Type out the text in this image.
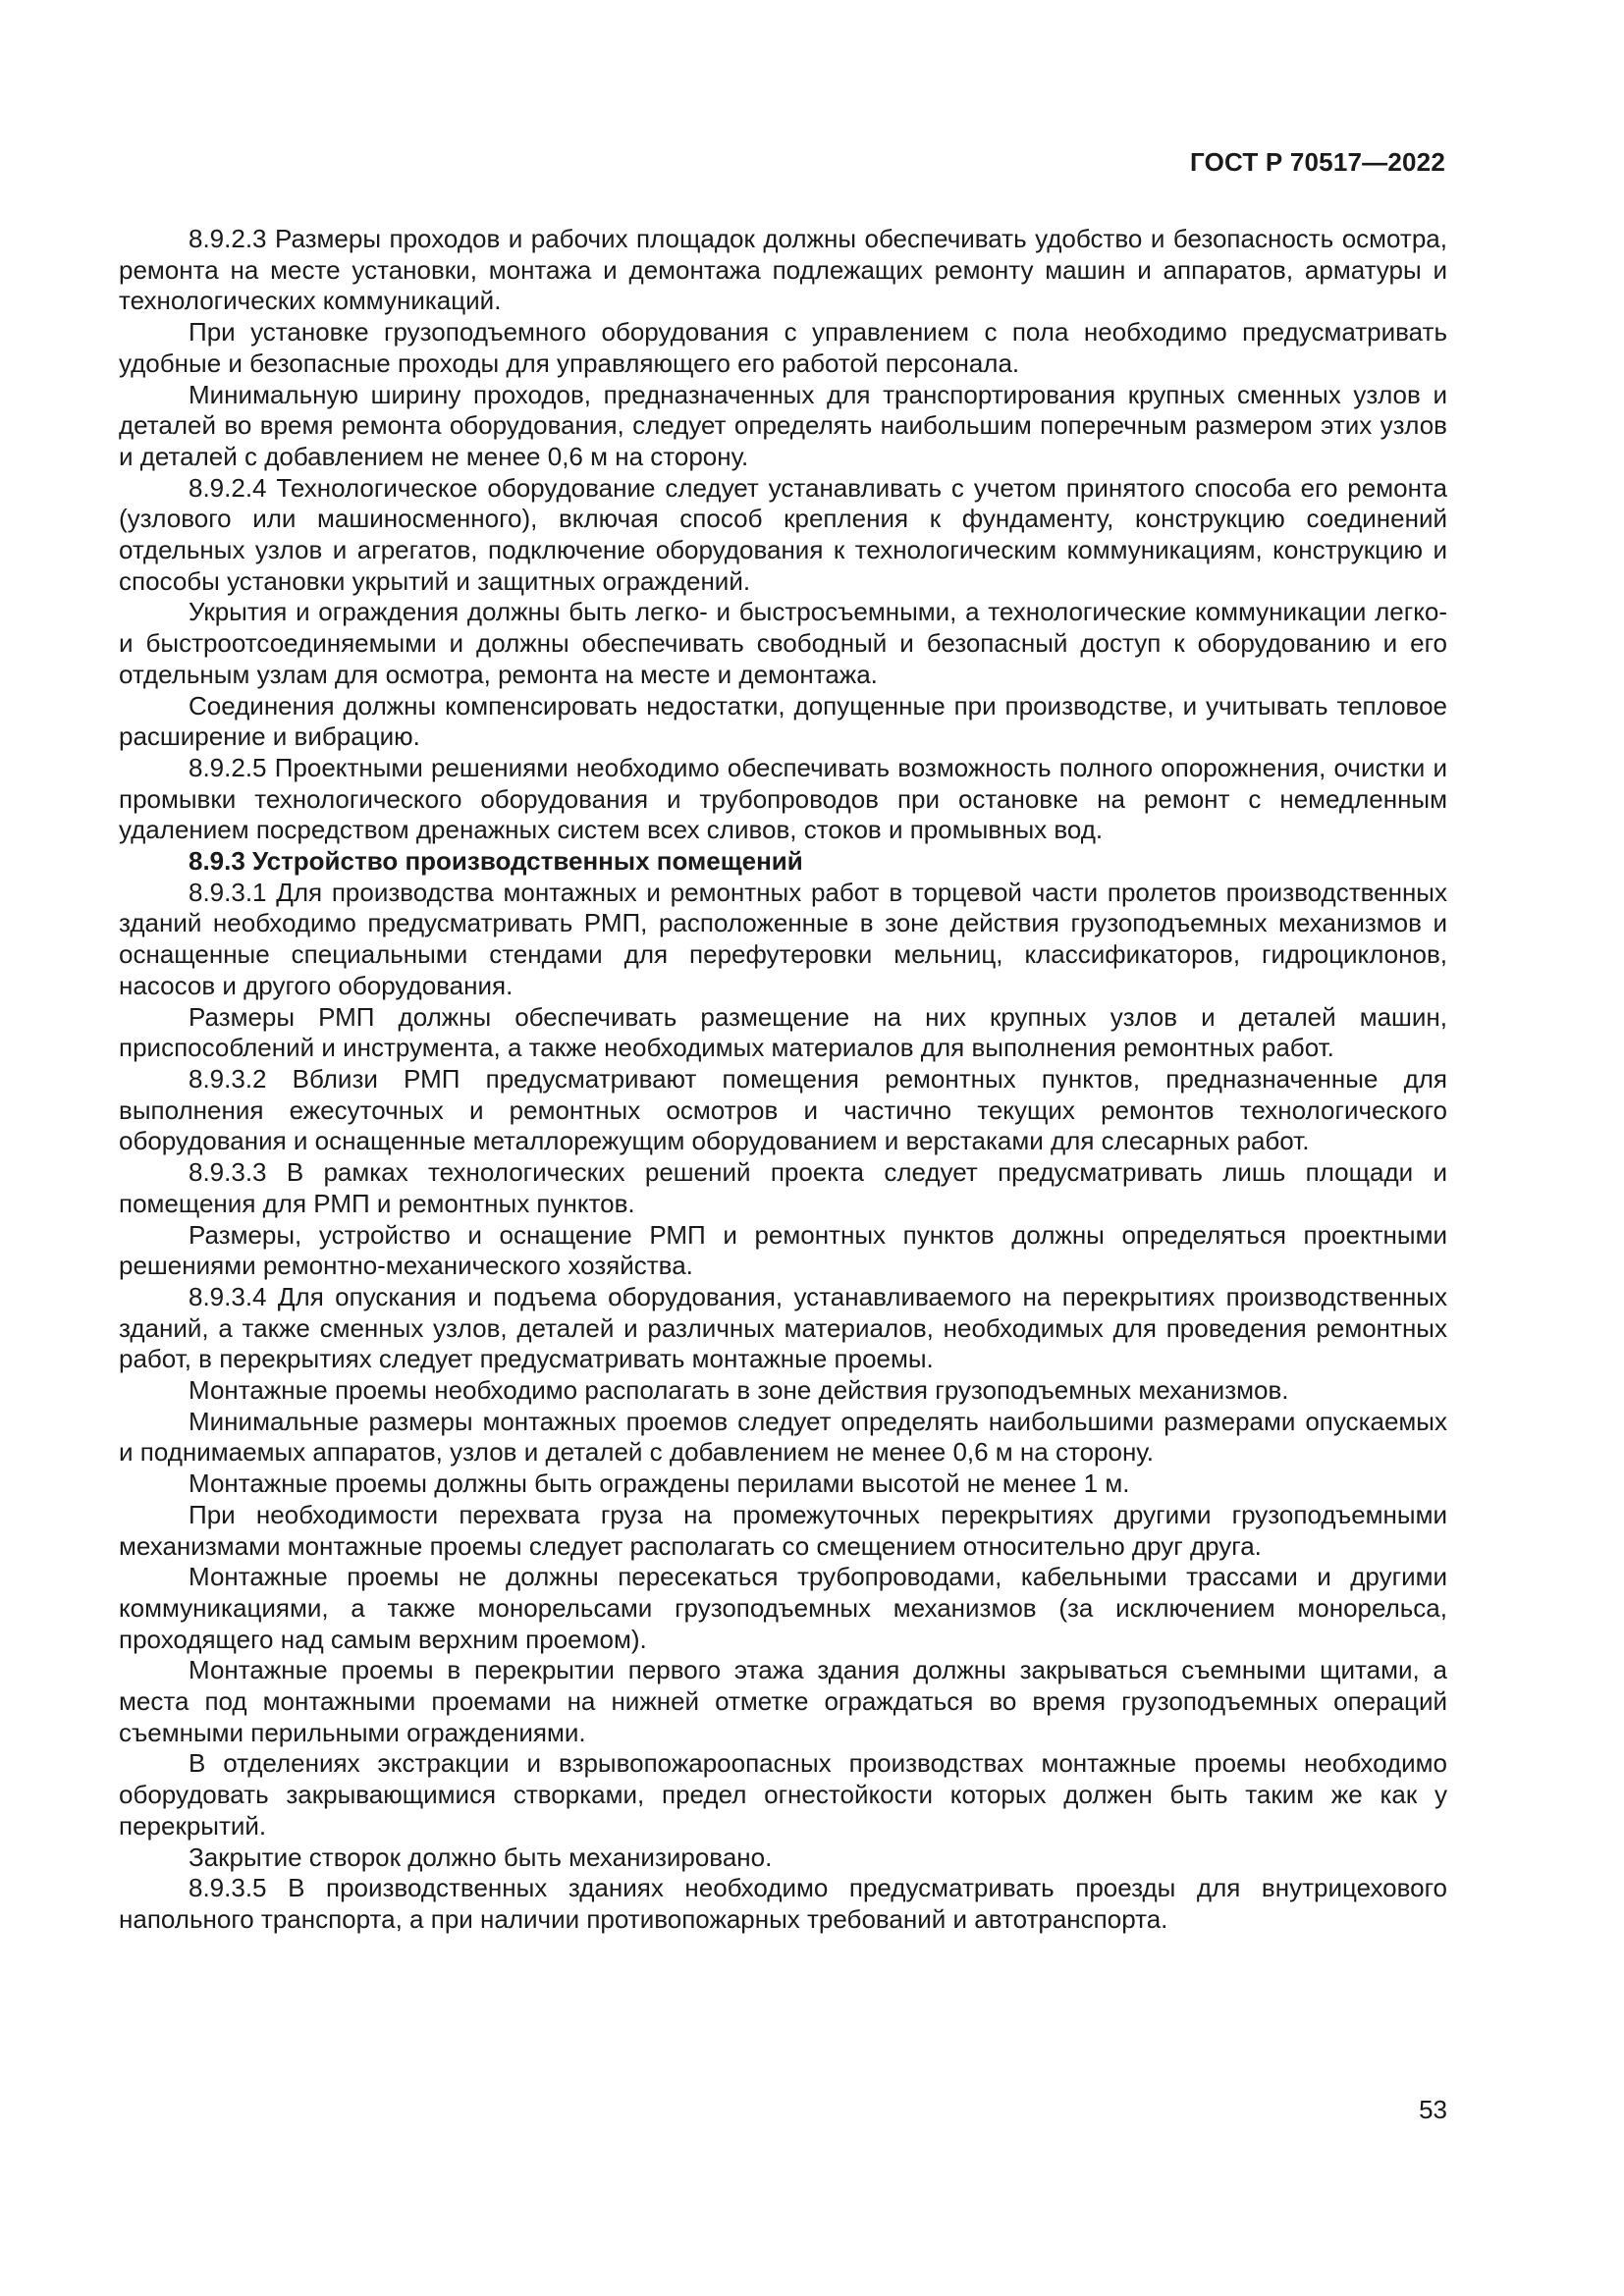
ГОСТ Р 70517—2022

8.9.2.3 Размеры проходов и рабочих площадок должны обеспечивать удобство и безопасность осмотра, ремонта на месте установки, монтажа и демонтажа подлежащих ремонту машин и аппаратов, арматуры и технологических коммуникаций.

При установке грузоподъемного оборудования с управлением с пола необходимо предусматривать удобные и безопасные проходы для управляющего его работой персонала.

Минимальную ширину проходов, предназначенных для транспортирования крупных сменных узлов и деталей во время ремонта оборудования, следует определять наибольшим поперечным размером этих узлов и деталей с добавлением не менее 0,6 м на сторону.

8.9.2.4 Технологическое оборудование следует устанавливать с учетом принятого способа его ремонта (узлового или машиносменного), включая способ крепления к фундаменту, конструкцию соединений отдельных узлов и агрегатов, подключение оборудования к технологическим коммуникациям, конструкцию и способы установки укрытий и защитных ограждений.

Укрытия и ограждения должны быть легко- и быстросъемными, а технологические коммуникации легко- и быстроотсоединяемыми и должны обеспечивать свободный и безопасный доступ к оборудованию и его отдельным узлам для осмотра, ремонта на месте и демонтажа.

Соединения должны компенсировать недостатки, допущенные при производстве, и учитывать тепловое расширение и вибрацию.

8.9.2.5 Проектными решениями необходимо обеспечивать возможность полного опорожнения, очистки и промывки технологического оборудования и трубопроводов при остановке на ремонт с немедленным удалением посредством дренажных систем всех сливов, стоков и промывных вод.

8.9.3 Устройство производственных помещений

8.9.3.1 Для производства монтажных и ремонтных работ в торцевой части пролетов производственных зданий необходимо предусматривать РМП, расположенные в зоне действия грузоподъемных механизмов и оснащенные специальными стендами для перефутеровки мельниц, классификаторов, гидроциклонов, насосов и другого оборудования.

Размеры РМП должны обеспечивать размещение на них крупных узлов и деталей машин, приспособлений и инструмента, а также необходимых материалов для выполнения ремонтных работ.

8.9.3.2 Вблизи РМП предусматривают помещения ремонтных пунктов, предназначенные для выполнения ежесуточных и ремонтных осмотров и частично текущих ремонтов технологического оборудования и оснащенные металлорежущим оборудованием и верстаками для слесарных работ.

8.9.3.3 В рамках технологических решений проекта следует предусматривать лишь площади и помещения для РМП и ремонтных пунктов.

Размеры, устройство и оснащение РМП и ремонтных пунктов должны определяться проектными решениями ремонтно-механического хозяйства.

8.9.3.4 Для опускания и подъема оборудования, устанавливаемого на перекрытиях производственных зданий, а также сменных узлов, деталей и различных материалов, необходимых для проведения ремонтных работ, в перекрытиях следует предусматривать монтажные проемы.

Монтажные проемы необходимо располагать в зоне действия грузоподъемных механизмов.

Минимальные размеры монтажных проемов следует определять наибольшими размерами опускаемых и поднимаемых аппаратов, узлов и деталей с добавлением не менее 0,6 м на сторону.

Монтажные проемы должны быть ограждены перилами высотой не менее 1 м.

При необходимости перехвата груза на промежуточных перекрытиях другими грузоподъемными механизмами монтажные проемы следует располагать со смещением относительно друг друга.

Монтажные проемы не должны пересекаться трубопроводами, кабельными трассами и другими коммуникациями, а также монорельсами грузоподъемных механизмов (за исключением монорельса, проходящего над самым верхним проемом).

Монтажные проемы в перекрытии первого этажа здания должны закрываться съемными щитами, а места под монтажными проемами на нижней отметке ограждаться во время грузоподъемных операций съемными перильными ограждениями.

В отделениях экстракции и взрывопожароопасных производствах монтажные проемы необходимо оборудовать закрывающимися створками, предел огнестойкости которых должен быть таким же как у перекрытий.

Закрытие створок должно быть механизировано.

8.9.3.5 В производственных зданиях необходимо предусматривать проезды для внутрицехового напольного транспорта, а при наличии противопожарных требований и автотранспорта.

53
